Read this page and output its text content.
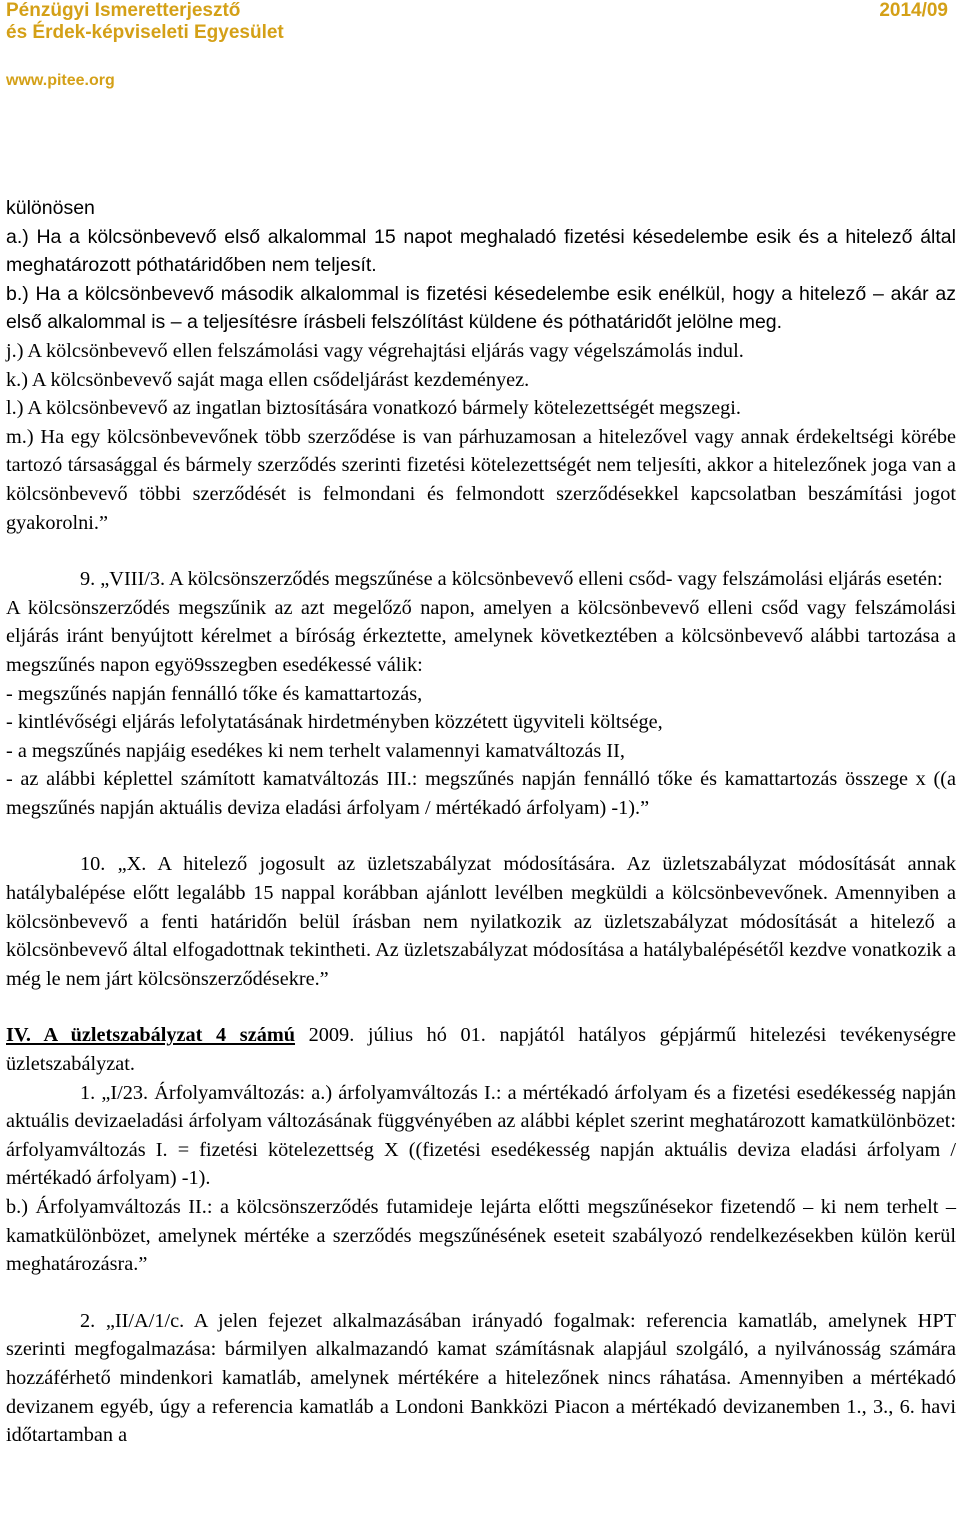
Pénzügyi Ismeretterjesztő
és Érdek-képviseleti Egyesület
2014/09
www.pitee.org

különösen

a.) Ha a kölcsönbevevő első alkalommal 15 napot meghaladó fizetési késedelembe esik és a hitelező által meghatározott póthatáridőben nem teljesít.

b.) Ha a kölcsönbevevő második alkalommal is fizetési késedelembe esik enélkül, hogy a hitelező – akár az első alkalommal is – a teljesítésre írásbeli felszólítást küldene és póthatáridőt jelölne meg.

j.) A kölcsönbevevő ellen felszámolási vagy végrehajtási eljárás vagy végelszámolás indul.

k.) A kölcsönbevevő saját maga ellen csődeljárást kezdeményez.

l.) A kölcsönbevevő az ingatlan biztosítására vonatkozó bármely kötelezettségét megszegi.

m.) Ha egy kölcsönbevevőnek több szerződése is van párhuzamosan a hitelezővel vagy annak érdekeltségi körébe tartozó társasággal és bármely szerződés szerinti fizetési kötelezettségét nem teljesíti, akkor a hitelezőnek joga van a kölcsönbevevő többi szerződését is felmondani és felmondott szerződésekkel kapcsolatban beszámítási jogot gyakorolni.”

9. „VIII/3. A kölcsönszerződés megszűnése a kölcsönbevevő elleni csőd- vagy felszámolási eljárás esetén:

A kölcsönszerződés megszűnik az azt megelőző napon, amelyen a kölcsönbevevő elleni csőd vagy felszámolási eljárás iránt benyújtott kérelmet a bíróság érkeztette, amelynek következtében a kölcsönbevevő alábbi tartozása a megszűnés napon egyö9sszegben esedékessé válik:

- megszűnés napján fennálló tőke és kamattartozás,

- kintlévőségi eljárás lefolytatásának hirdetményben közzétett ügyviteli költsége,

- a megszűnés napjáig esedékes ki nem terhelt valamennyi kamatváltozás II,

- az alábbi képlettel számított kamatváltozás III.: megszűnés napján fennálló tőke és kamattartozás összege x ((a megszűnés napján aktuális deviza eladási árfolyam / mértékadó árfolyam) -1).”

10. „X. A hitelező jogosult az üzletszabályzat módosítására. Az üzletszabályzat módosítását annak hatálybalépése előtt legalább 15 nappal korábban ajánlott levélben megküldi a kölcsönbevevőnek. Amennyiben a kölcsönbevevő a fenti határidőn belül írásban nem nyilatkozik az üzletszabályzat módosítását a hitelező a kölcsönbevevő által elfogadottnak tekintheti. Az üzletszabályzat módosítása a hatálybalépésétől kezdve vonatkozik a még le nem járt kölcsönszerződésekre.”

IV. A üzletszabályzat 4 számú 2009. július hó 01. napjától hatályos gépjármű hitelezési tevékenységre üzletszabályzat.

1. „I/23. Árfolyamváltozás: a.) árfolyamváltozás I.: a mértékadó árfolyam és a fizetési esedékesség napján aktuális devizaeladási árfolyam változásának függvényében az alábbi képlet szerint meghatározott kamatkülönbözet: árfolyamváltozás I. = fizetési kötelezettség X ((fizetési esedékesség napján aktuális deviza eladási árfolyam / mértékadó árfolyam) -1).

b.) Árfolyamváltozás II.: a kölcsönszerződés futamideje lejárta előtti megszűnésekor fizetendő – ki nem terhelt – kamatkülönbözet, amelynek mértéke a szerződés megszűnésének eseteit szabályozó rendelkezésekben külön kerül meghatározásra.”

2. „II/A/1/c. A jelen fejezet alkalmazásában irányadó fogalmak: referencia kamatláb, amelynek HPT szerinti megfogalmazása: bármilyen alkalmazandó kamat számításnak alapjául szolgáló, a nyilvánosság számára hozzáférhető mindenkori kamatláb, amelynek mértékére a hitelezőnek nincs ráhatása. Amennyiben a mértékadó devizanem egyéb, úgy a referencia kamatláb a Londoni Bankközi Piacon a mértékadó devizanemben 1., 3., 6. havi időtartamban a
